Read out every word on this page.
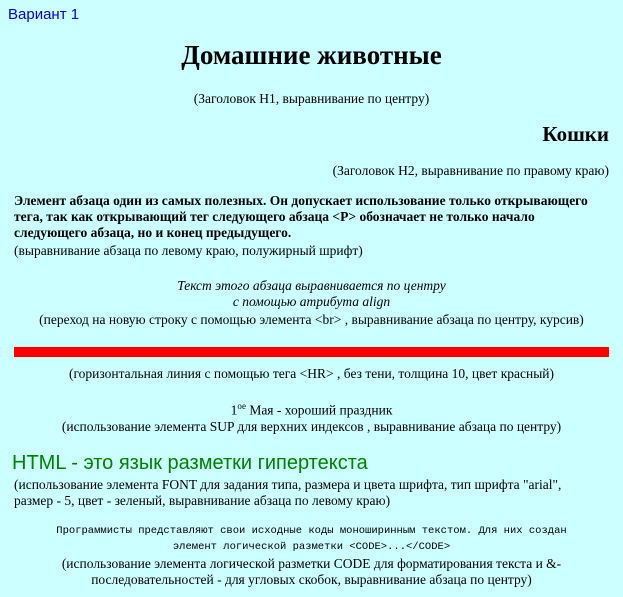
Вариант 1
Домашние животные
(Заголовок H1, выравнивание по центру)
Кошки
(Заголовок H2, выравнивание по правому краю)
Элемент абзаца один из самых полезных. Он допускает использование только открывающего
тега, так как открывающий тег следующего абзаца <P> обозначает не только начало
следующего абзаца, но и конец предыдущего.
(выравнивание абзаца по левому краю, полужирный шрифт)
Текст этого абзаца выравнивается по центру
с помощью атрибута align
(переход на новую строку с помощью элемента <br> , выравнивание абзаца по центру, курсив)
(горизонтальная линия с помощью тега <HR> , без тени, толщина 10, цвет красный)
$1^{ое}$ Мая - хороший праздник
(использование элемента SUP для верхних индексов , выравнивание абзаца по центру)
HTML - это язык разметки гипертекста
(использование элемента FONT для задания типа, размера и цвета шрифта, тип шрифта "arial",
размер - 5, цвет - зеленый, выравнивание абзаца по левому краю)
Программисты представляют свои исходные коды моноширинным текстом. Для них создан
элемент логической разметки <CODE>...</CODE>
(использование элемента логической разметки CODE для форматирования текста и &-
последовательностей - для угловых скобок, выравнивание абзаца по центру)
